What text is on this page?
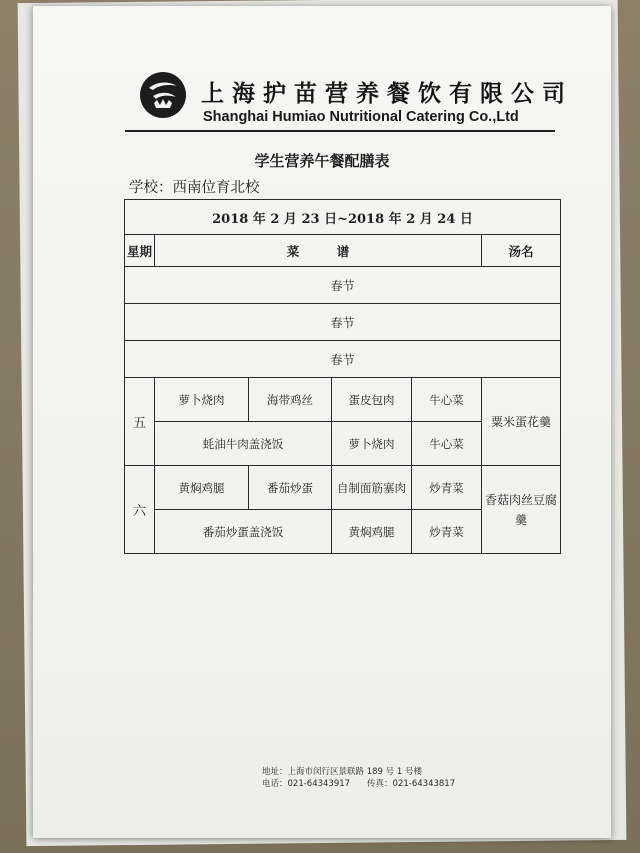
上海护苗营养餐饮有限公司
Shanghai Humiao Nutritional Catering Co.,Ltd
学生营养午餐配膳表
学校：西南位育北校
2018 年 2 月 23 日~2018 年 2 月 24 日					
星期	菜　　　谱				汤名
春节					
春节					
春节					
五	萝卜烧肉	海带鸡丝	蛋皮包肉	牛心菜	粟米蛋花羹
	蚝油牛肉盖浇饭		萝卜烧肉	牛心菜	
六	黄焖鸡腿	番茄炒蛋	自制面筋塞肉	炒青菜	香菇肉丝豆腐羹
	番茄炒蛋盖浇饭		黄焖鸡腿	炒青菜	
地址：上海市闵行区景联路 189 号 1 号楼
电话：021-64343917　　传真：021-64343817
